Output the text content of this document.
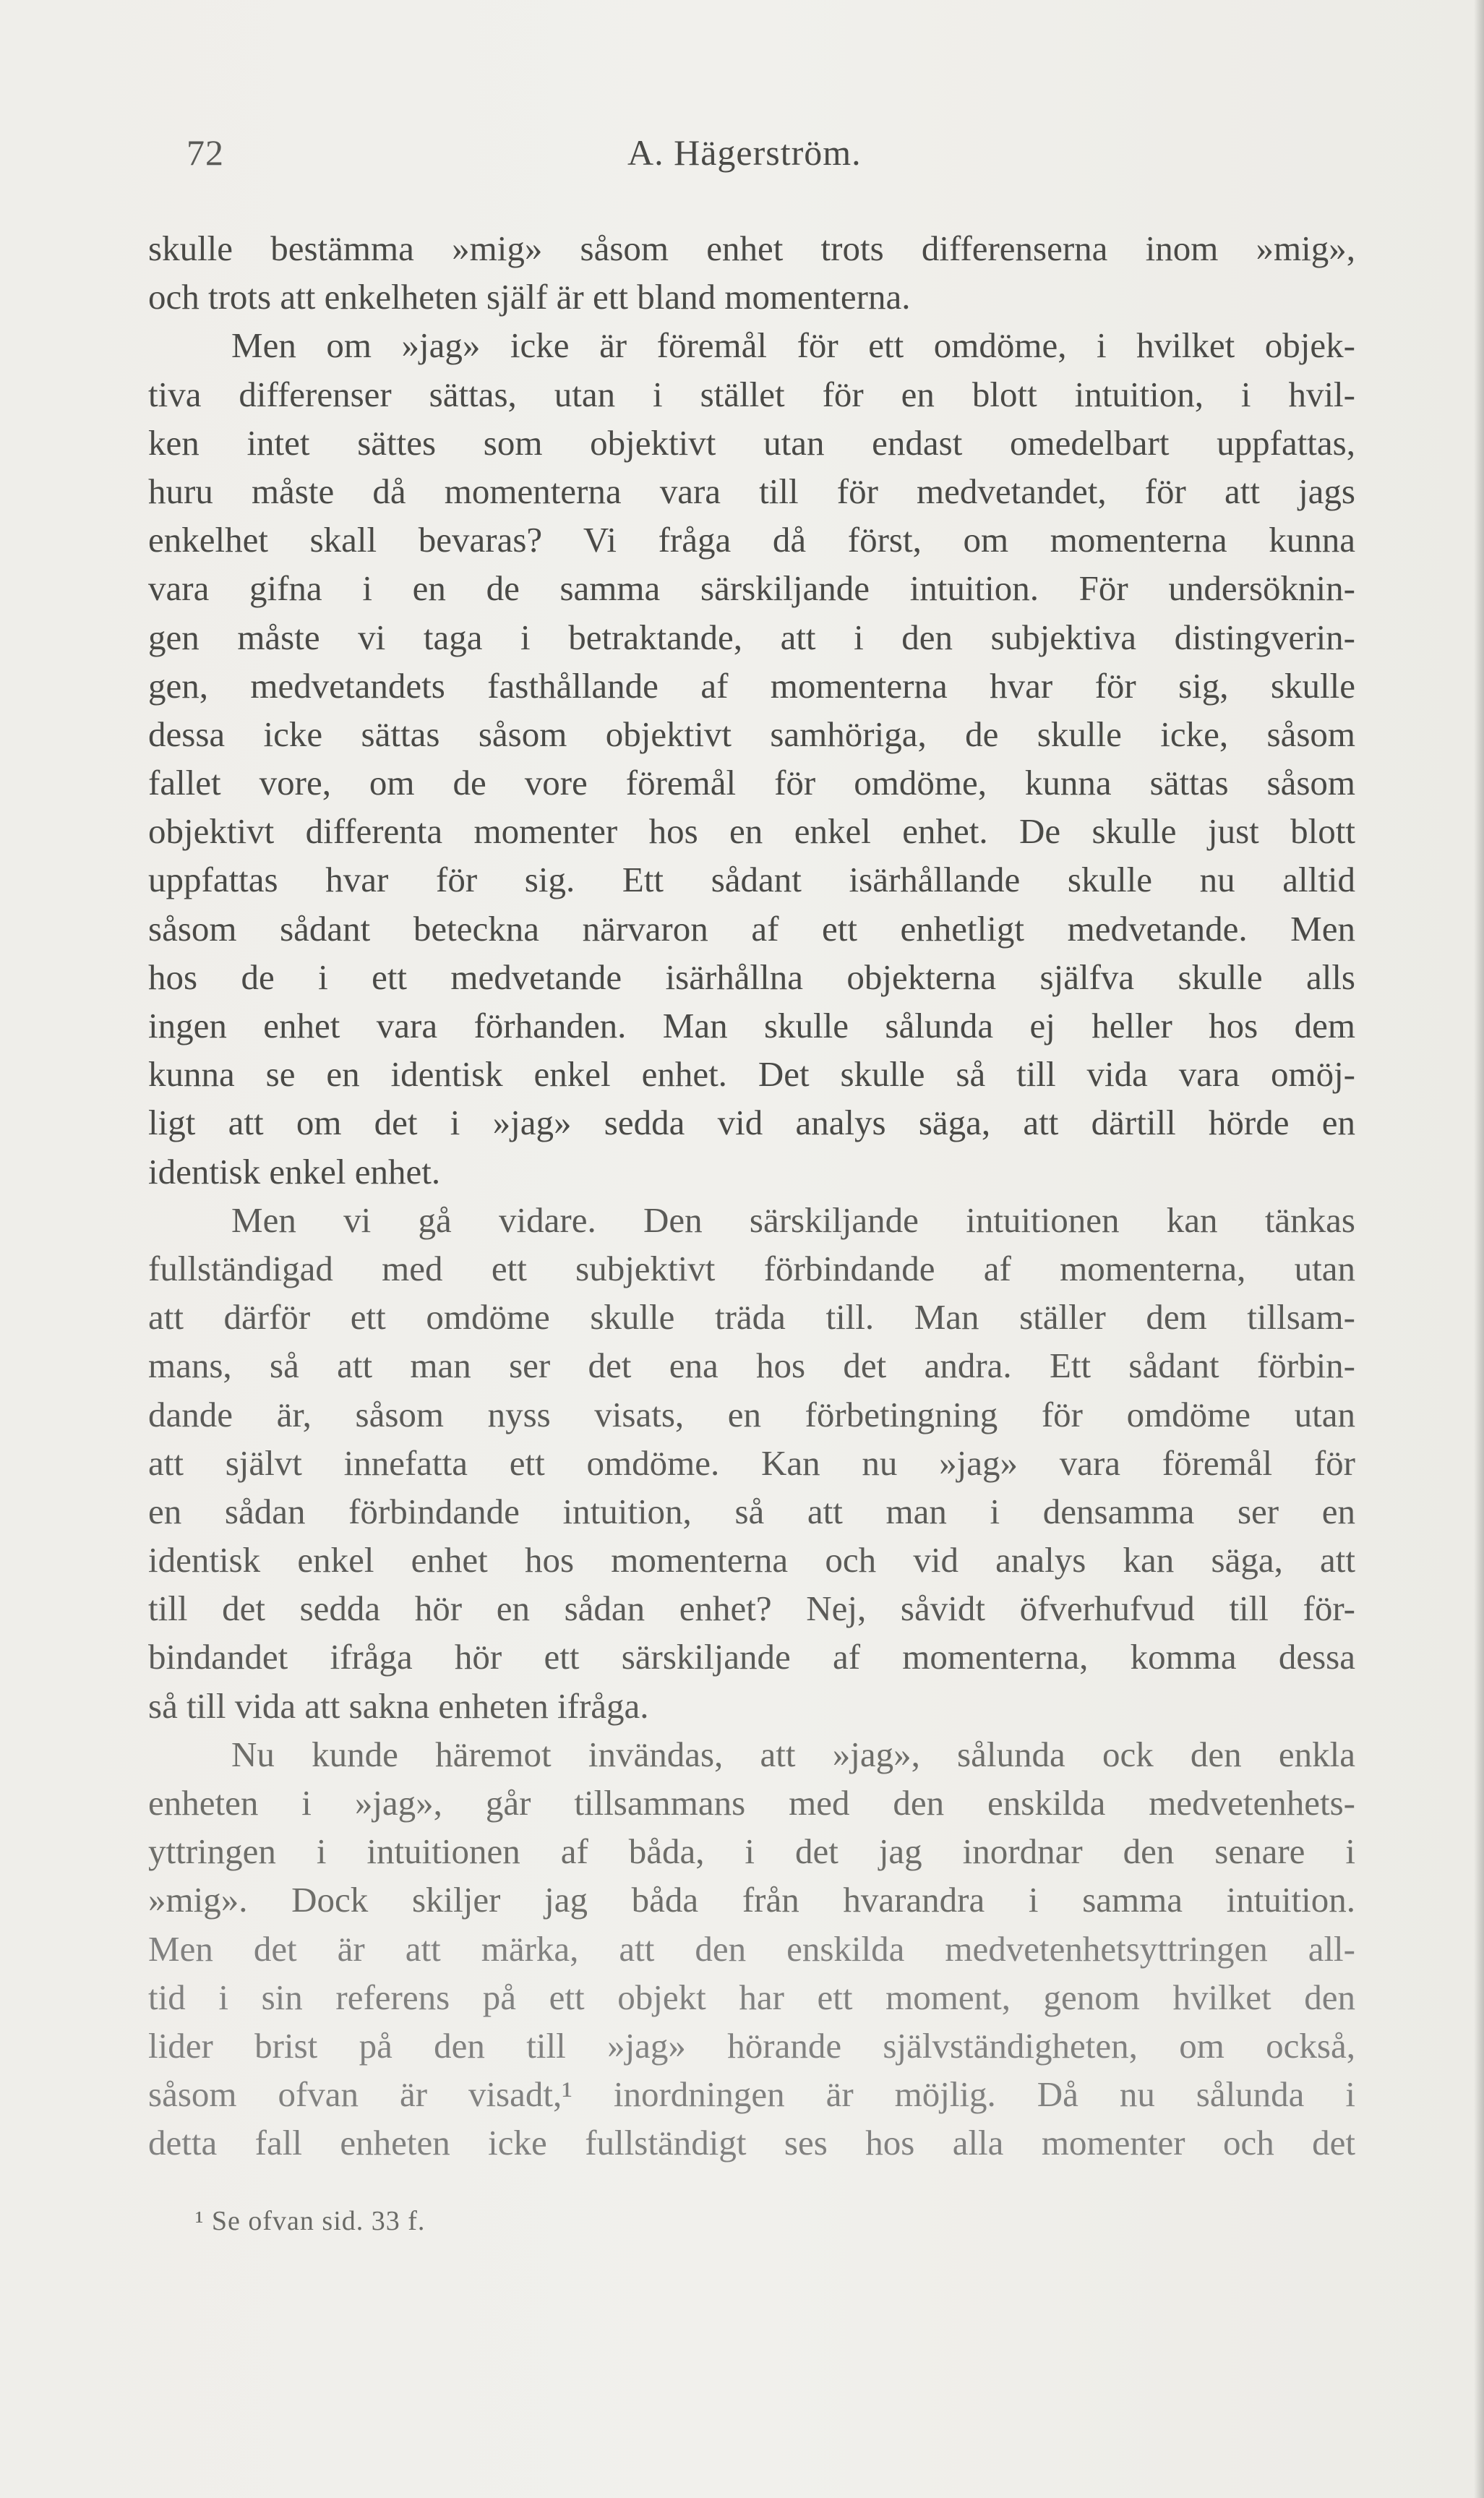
72	A. Hägerström.
skulle bestämma »mig» såsom enhet trots differenserna inom »mig»,
och trots att enkelheten själf är ett bland momenterna.
Men om »jag» icke är föremål för ett omdöme, i hvilket objek-
tiva differenser sättas, utan i stället för en blott intuition, i hvil-
ken intet sättes som objektivt utan endast omedelbart uppfattas,
huru måste då momenterna vara till för medvetandet, för att jags
enkelhet skall bevaras? Vi fråga då först, om momenterna kunna
vara gifna i en de samma särskiljande intuition. För undersöknin-
gen måste vi taga i betraktande, att i den subjektiva distingverin-
gen, medvetandets fasthållande af momenterna hvar för sig, skulle
dessa icke sättas såsom objektivt samhöriga, de skulle icke, såsom
fallet vore, om de vore föremål för omdöme, kunna sättas såsom
objektivt differenta momenter hos en enkel enhet. De skulle just blott
uppfattas hvar för sig. Ett sådant isärhållande skulle nu alltid
såsom sådant beteckna närvaron af ett enhetligt medvetande. Men
hos de i ett medvetande isärhållna objekterna själfva skulle alls
ingen enhet vara förhanden. Man skulle sålunda ej heller hos dem
kunna se en identisk enkel enhet. Det skulle så till vida vara omöj-
ligt att om det i »jag» sedda vid analys säga, att därtill hörde en
identisk enkel enhet.
Men vi gå vidare. Den särskiljande intuitionen kan tänkas
fullständigad med ett subjektivt förbindande af momenterna, utan
att därför ett omdöme skulle träda till. Man ställer dem tillsam-
mans, så att man ser det ena hos det andra. Ett sådant förbin-
dande är, såsom nyss visats, en förbetingning för omdöme utan
att självt innefatta ett omdöme. Kan nu »jag» vara föremål för
en sådan förbindande intuition, så att man i densamma ser en
identisk enkel enhet hos momenterna och vid analys kan säga, att
till det sedda hör en sådan enhet? Nej, såvidt öfverhufvud till för-
bindandet ifråga hör ett särskiljande af momenterna, komma dessa
så till vida att sakna enheten ifråga.
Nu kunde häremot invändas, att »jag», sålunda ock den enkla
enheten i »jag», går tillsammans med den enskilda medvetenhets-
yttringen i intuitionen af båda, i det jag inordnar den senare i
»mig». Dock skiljer jag båda från hvarandra i samma intuition.
Men det är att märka, att den enskilda medvetenhetsyttringen all-
tid i sin referens på ett objekt har ett moment, genom hvilket den
lider brist på den till »jag» hörande självständigheten, om också,
såsom ofvan är visadt,¹ inordningen är möjlig. Då nu sålunda i
detta fall enheten icke fullständigt ses hos alla momenter och det
¹ Se ofvan sid. 33 f.
